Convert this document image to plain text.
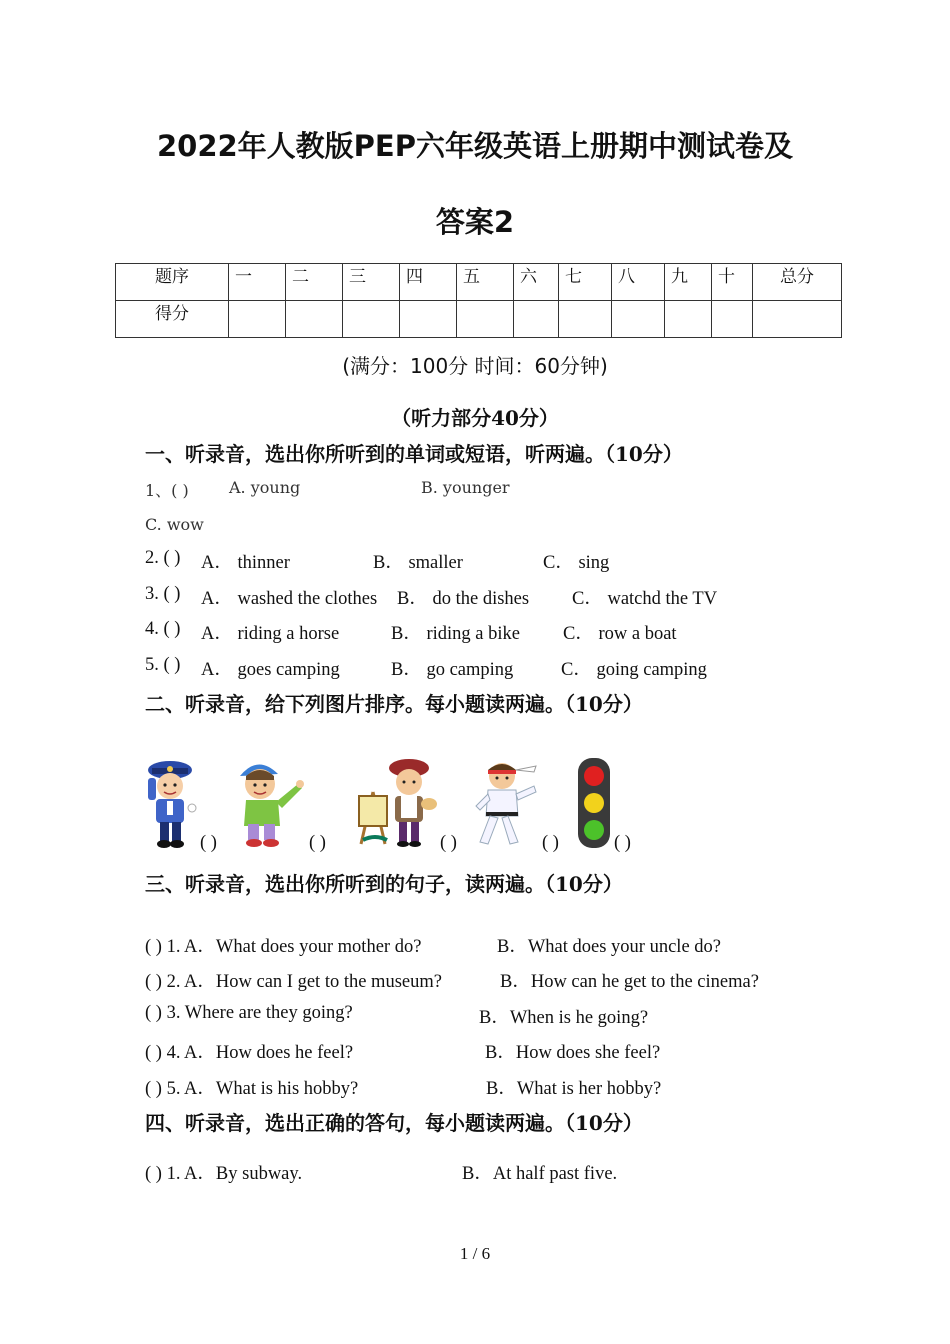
2022年人教版PEP六年级英语上册期中测试卷及
答案2
题序	一	二	三	四	五	六	七	八	九	十	总分
得分											
(满分：100分 时间：60分钟)
（听力部分40分）
一、听录音，选出你所听到的单词或短语，听两遍。（10分）
1、( )	A. young	B. younger
C. wow
2. ( ) A． thinner	B． smaller	C． sing
3. ( ) A． washed the clothes B． do the dishes C． watchd the TV
4. ( ) A． riding a horse	B． riding a bike C． row a boat
5. ( ) A． goes camping	B． go camping	C． going camping
二、听录音，给下列图片排序。每小题读两遍。（10分）
( )	( )	( )	( )	( )
三、听录音，选出你所听到的句子，读两遍。（10分）
( ) 1. A．What does your mother do?	B．What does your uncle do?
( ) 2. A．How can I get to the museum?	B．How can he get to the cinema?
( ) 3. Where are they going?	B．When is he going?
( ) 4. A．How does he feel?	B．How does she feel?
( ) 5. A．What is his hobby?	B．What is her hobby?
四、听录音，选出正确的答句，每小题读两遍。（10分）
( ) 1. A．By subway.	B．At half past five.
1 / 6
